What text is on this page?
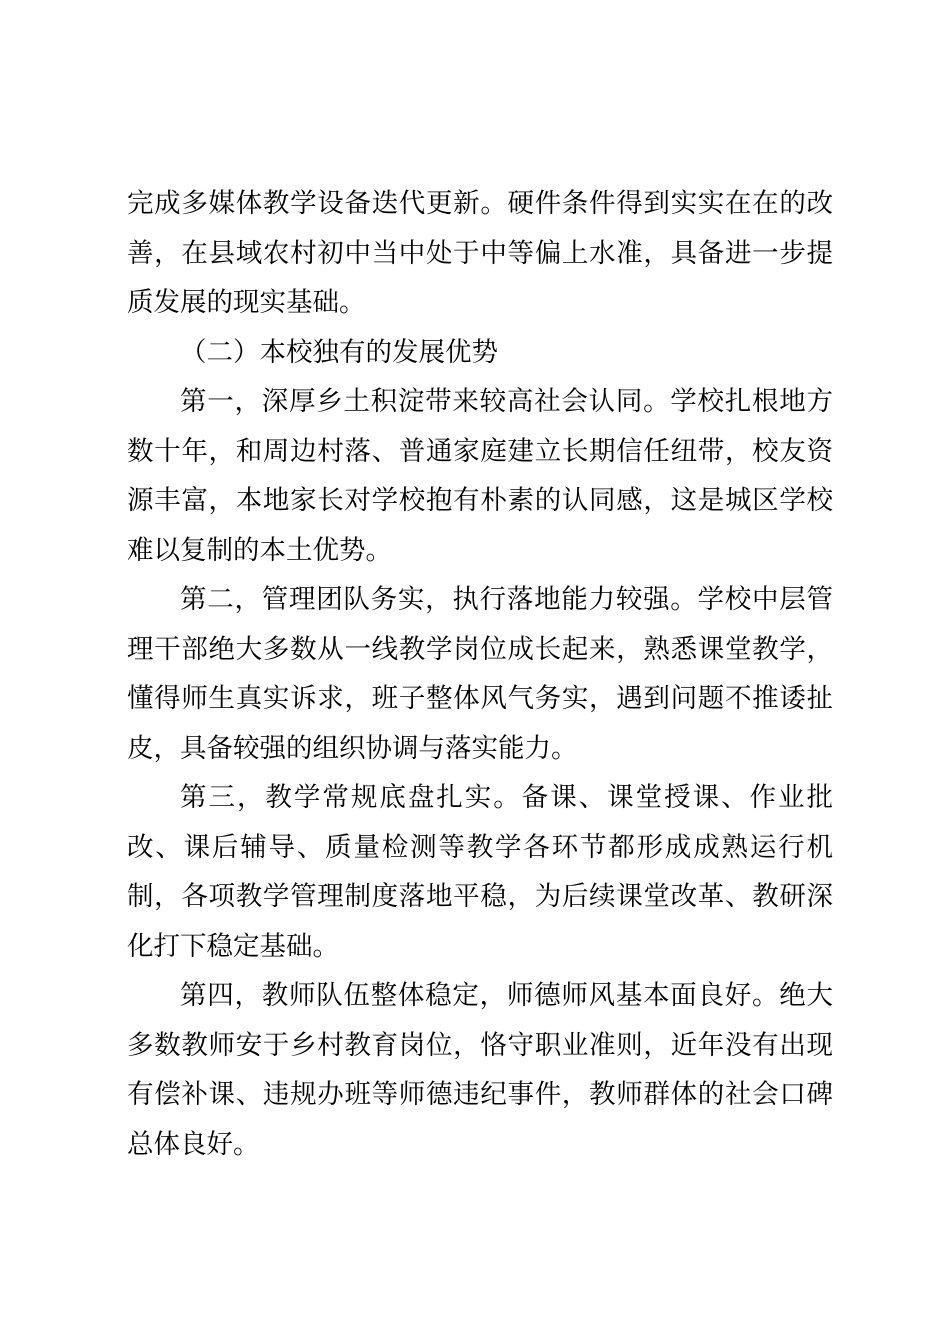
完成多媒体教学设备迭代更新。硬件条件得到实实在在的改善，在县域农村初中当中处于中等偏上水准，具备进一步提质发展的现实基础。

（二）本校独有的发展优势

第一，深厚乡土积淀带来较高社会认同。学校扎根地方数十年，和周边村落、普通家庭建立长期信任纽带，校友资源丰富，本地家长对学校抱有朴素的认同感，这是城区学校难以复制的本土优势。

第二，管理团队务实，执行落地能力较强。学校中层管理干部绝大多数从一线教学岗位成长起来，熟悉课堂教学，懂得师生真实诉求，班子整体风气务实，遇到问题不推诿扯皮，具备较强的组织协调与落实能力。

第三，教学常规底盘扎实。备课、课堂授课、作业批改、课后辅导、质量检测等教学各环节都形成成熟运行机制，各项教学管理制度落地平稳，为后续课堂改革、教研深化打下稳定基础。

第四，教师队伍整体稳定，师德师风基本面良好。绝大多数教师安于乡村教育岗位，恪守职业准则，近年没有出现有偿补课、违规办班等师德违纪事件，教师群体的社会口碑总体良好。
